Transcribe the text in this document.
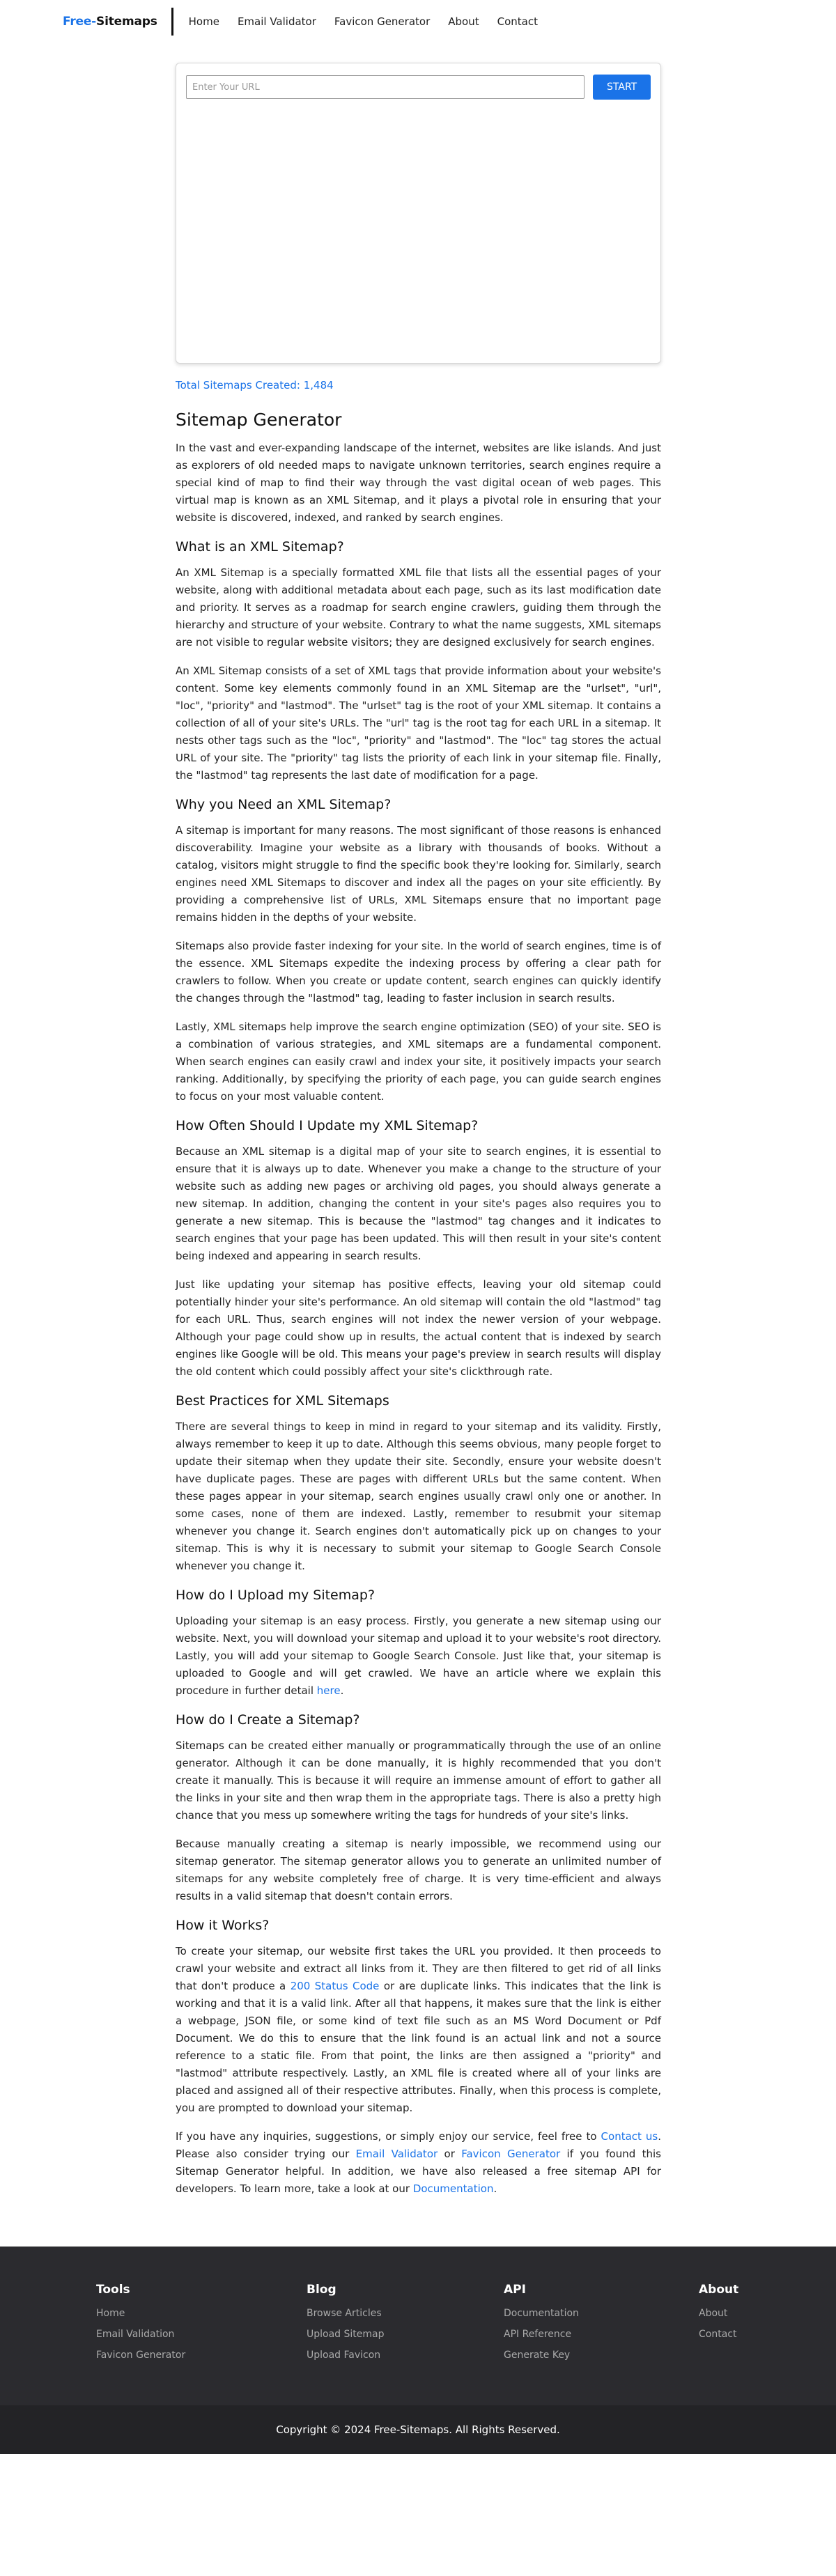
Free-Sitemaps	Home Email Validator Favicon Generator About Contact
Enter Your URL
START
Total Sitemaps Created: 1,484
Sitemap Generator

In the vast and ever-expanding landscape of the internet, websites are like islands. And just as explorers of old needed maps to navigate unknown territories, search engines require a special kind of map to find their way through the vast digital ocean of web pages. This virtual map is known as an XML Sitemap, and it plays a pivotal role in ensuring that your website is discovered, indexed, and ranked by search engines.

What is an XML Sitemap?

An XML Sitemap is a specially formatted XML file that lists all the essential pages of your website, along with additional metadata about each page, such as its last modification date and priority. It serves as a roadmap for search engine crawlers, guiding them through the hierarchy and structure of your website. Contrary to what the name suggests, XML sitemaps are not visible to regular website visitors; they are designed exclusively for search engines.

An XML Sitemap consists of a set of XML tags that provide information about your website's content. Some key elements commonly found in an XML Sitemap are the "urlset", "url", "loc", "priority" and "lastmod". The "urlset" tag is the root of your XML sitemap. It contains a collection of all of your site's URLs. The "url" tag is the root tag for each URL in a sitemap. It nests other tags such as the "loc", "priority" and "lastmod". The "loc" tag stores the actual URL of your site. The "priority" tag lists the priority of each link in your sitemap file. Finally, the "lastmod" tag represents the last date of modification for a page.

Why you Need an XML Sitemap?

A sitemap is important for many reasons. The most significant of those reasons is enhanced discoverability. Imagine your website as a library with thousands of books. Without a catalog, visitors might struggle to find the specific book they're looking for. Similarly, search engines need XML Sitemaps to discover and index all the pages on your site efficiently. By providing a comprehensive list of URLs, XML Sitemaps ensure that no important page remains hidden in the depths of your website.

Sitemaps also provide faster indexing for your site. In the world of search engines, time is of the essence. XML Sitemaps expedite the indexing process by offering a clear path for crawlers to follow. When you create or update content, search engines can quickly identify the changes through the "lastmod" tag, leading to faster inclusion in search results.

Lastly, XML sitemaps help improve the search engine optimization (SEO) of your site. SEO is a combination of various strategies, and XML sitemaps are a fundamental component. When search engines can easily crawl and index your site, it positively impacts your search ranking. Additionally, by specifying the priority of each page, you can guide search engines to focus on your most valuable content.

How Often Should I Update my XML Sitemap?

Because an XML sitemap is a digital map of your site to search engines, it is essential to ensure that it is always up to date. Whenever you make a change to the structure of your website such as adding new pages or archiving old pages, you should always generate a new sitemap. In addition, changing the content in your site's pages also requires you to generate a new sitemap. This is because the "lastmod" tag changes and it indicates to search engines that your page has been updated. This will then result in your site's content being indexed and appearing in search results.

Just like updating your sitemap has positive effects, leaving your old sitemap could potentially hinder your site's performance. An old sitemap will contain the old "lastmod" tag for each URL. Thus, search engines will not index the newer version of your webpage. Although your page could show up in results, the actual content that is indexed by search engines like Google will be old. This means your page's preview in search results will display the old content which could possibly affect your site's clickthrough rate.

Best Practices for XML Sitemaps

There are several things to keep in mind in regard to your sitemap and its validity. Firstly, always remember to keep it up to date. Although this seems obvious, many people forget to update their sitemap when they update their site. Secondly, ensure your website doesn't have duplicate pages. These are pages with different URLs but the same content. When these pages appear in your sitemap, search engines usually crawl only one or another. In some cases, none of them are indexed. Lastly, remember to resubmit your sitemap whenever you change it. Search engines don't automatically pick up on changes to your sitemap. This is why it is necessary to submit your sitemap to Google Search Console whenever you change it.

How do I Upload my Sitemap?

Uploading your sitemap is an easy process. Firstly, you generate a new sitemap using our website. Next, you will download your sitemap and upload it to your website's root directory. Lastly, you will add your sitemap to Google Search Console. Just like that, your sitemap is uploaded to Google and will get crawled. We have an article where we explain this procedure in further detail here.

How do I Create a Sitemap?

Sitemaps can be created either manually or programmatically through the use of an online generator. Although it can be done manually, it is highly recommended that you don't create it manually. This is because it will require an immense amount of effort to gather all the links in your site and then wrap them in the appropriate tags. There is also a pretty high chance that you mess up somewhere writing the tags for hundreds of your site's links.

Because manually creating a sitemap is nearly impossible, we recommend using our sitemap generator. The sitemap generator allows you to generate an unlimited number of sitemaps for any website completely free of charge. It is very time-efficient and always results in a valid sitemap that doesn't contain errors.

How it Works?

To create your sitemap, our website first takes the URL you provided. It then proceeds to crawl your website and extract all links from it. They are then filtered to get rid of all links that don't produce a 200 Status Code or are duplicate links. This indicates that the link is working and that it is a valid link. After all that happens, it makes sure that the link is either a webpage, JSON file, or some kind of text file such as an MS Word Document or Pdf Document. We do this to ensure that the link found is an actual link and not a source reference to a static file. From that point, the links are then assigned a "priority" and "lastmod" attribute respectively. Lastly, an XML file is created where all of your links are placed and assigned all of their respective attributes. Finally, when this process is complete, you are prompted to download your sitemap.

If you have any inquiries, suggestions, or simply enjoy our service, feel free to Contact us. Please also consider trying our Email Validator or Favicon Generator if you found this Sitemap Generator helpful. In addition, we have also released a free sitemap API for developers. To learn more, take a look at our Documentation.

Tools
Home
Email Validation
Favicon Generator
Blog
Browse Articles
Upload Sitemap
Upload Favicon
API
Documentation
API Reference
Generate Key
About
About
Contact
Copyright © 2024 Free-Sitemaps. All Rights Reserved.
